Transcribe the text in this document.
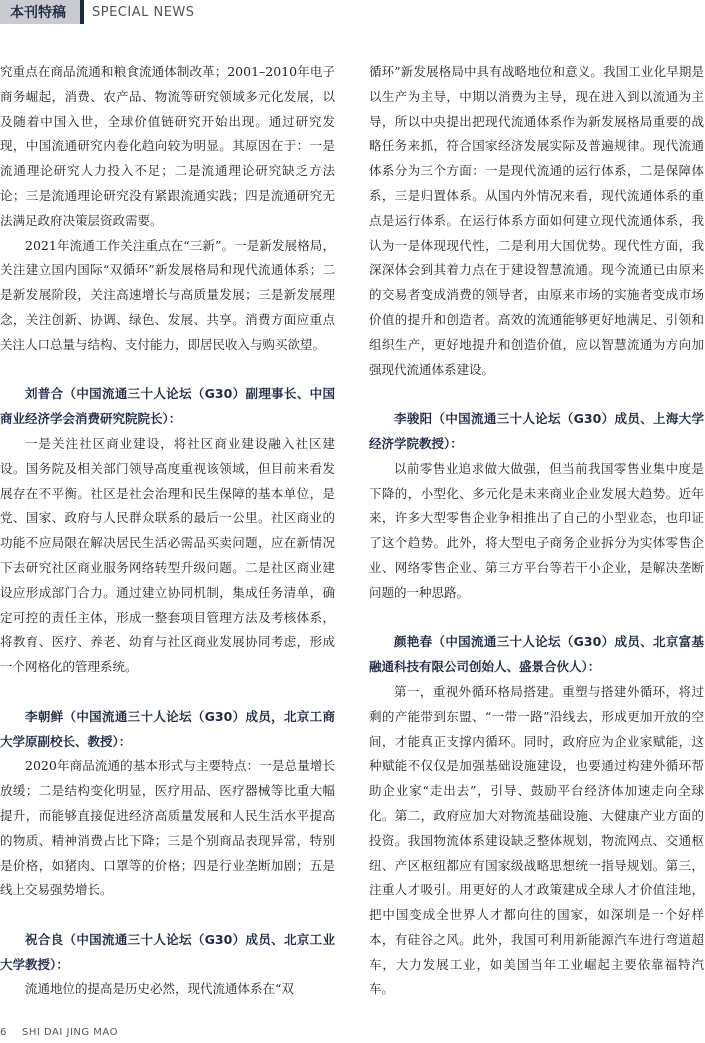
本刊特稿	SPECIAL NEWS

究重点在商品流通和粮食流通体制改革；2001–2010年电子商务崛起，消费、农产品、物流等研究领域多元化发展，以及随着中国入世，全球价值链研究开始出现。通过研究发现，中国流通研究内卷化趋向较为明显。其原因在于：一是流通理论研究人力投入不足；二是流通理论研究缺乏方法论；三是流通理论研究没有紧跟流通实践；四是流通研究无法满足政府决策层资政需要。

2021年流通工作关注重点在“三新”。一是新发展格局，关注建立国内国际“双循环”新发展格局和现代流通体系；二是新发展阶段，关注高速增长与高质量发展；三是新发展理念，关注创新、协调、绿色、发展、共享。消费方面应重点关注人口总量与结构、支付能力，即居民收入与购买欲望。

刘普合（中国流通三十人论坛（G30）副理事长、中国商业经济学会消费研究院院长）：

一是关注社区商业建设，将社区商业建设融入社区建设。国务院及相关部门领导高度重视该领域，但目前来看发展存在不平衡。社区是社会治理和民生保障的基本单位，是党、国家、政府与人民群众联系的最后一公里。社区商业的功能不应局限在解决居民生活必需品买卖问题，应在新情况下去研究社区商业服务网络转型升级问题。二是社区商业建设应形成部门合力。通过建立协同机制，集成任务清单，确定可控的责任主体，形成一整套项目管理方法及考核体系，将教育、医疗、养老、幼育与社区商业发展协同考虑，形成一个网格化的管理系统。

李朝鲜（中国流通三十人论坛（G30）成员，北京工商大学原副校长、教授）：

2020年商品流通的基本形式与主要特点：一是总量增长放缓；二是结构变化明显，医疗用品、医疗器械等比重大幅提升，而能够直接促进经济高质量发展和人民生活水平提高的物质、精神消费占比下降；三是个别商品表现异常，特别是价格，如猪肉、口罩等的价格；四是行业垄断加剧；五是线上交易强势增长。

祝合良（中国流通三十人论坛（G30）成员、北京工业大学教授）：

流通地位的提高是历史必然，现代流通体系在“双

循环”新发展格局中具有战略地位和意义。我国工业化早期是以生产为主导，中期以消费为主导，现在进入到以流通为主导，所以中央提出把现代流通体系作为新发展格局重要的战略任务来抓，符合国家经济发展实际及普遍规律。现代流通体系分为三个方面：一是现代流通的运行体系，二是保障体系，三是归置体系。从国内外情况来看，现代流通体系的重点是运行体系。在运行体系方面如何建立现代流通体系，我认为一是体现现代性，二是利用大国优势。现代性方面，我深深体会到其着力点在于建设智慧流通。现今流通已由原来的交易者变成消费的领导者，由原来市场的实施者变成市场价值的提升和创造者。高效的流通能够更好地满足、引领和组织生产，更好地提升和创造价值，应以智慧流通为方向加强现代流通体系建设。

李骏阳（中国流通三十人论坛（G30）成员、上海大学经济学院教授）：

以前零售业追求做大做强，但当前我国零售业集中度是下降的，小型化、多元化是未来商业企业发展大趋势。近年来，许多大型零售企业争相推出了自己的小型业态，也印证了这个趋势。此外，将大型电子商务企业拆分为实体零售企业、网络零售企业、第三方平台等若干小企业，是解决垄断问题的一种思路。

颜艳春（中国流通三十人论坛（G30）成员、北京富基融通科技有限公司创始人、盛景合伙人）：

第一，重视外循环格局搭建。重塑与搭建外循环，将过剩的产能带到东盟、“一带一路”沿线去，形成更加开放的空间，才能真正支撑内循环。同时，政府应为企业家赋能，这种赋能不仅仅是加强基础设施建设，也要通过构建外循环帮助企业家“走出去”，引导、鼓励平台经济体加速走向全球化。第二，政府应加大对物流基础设施、大健康产业方面的投资。我国物流体系建设缺乏整体规划，物流网点、交通枢纽、产区枢纽都应有国家级战略思想统一指导规划。第三，注重人才吸引。用更好的人才政策建成全球人才价值洼地，把中国变成全世界人才都向往的国家，如深圳是一个好样本，有硅谷之风。此外，我国可利用新能源汽车进行弯道超车，大力发展工业，如美国当年工业崛起主要依靠福特汽车。

6 SHI DAI JING MAO
